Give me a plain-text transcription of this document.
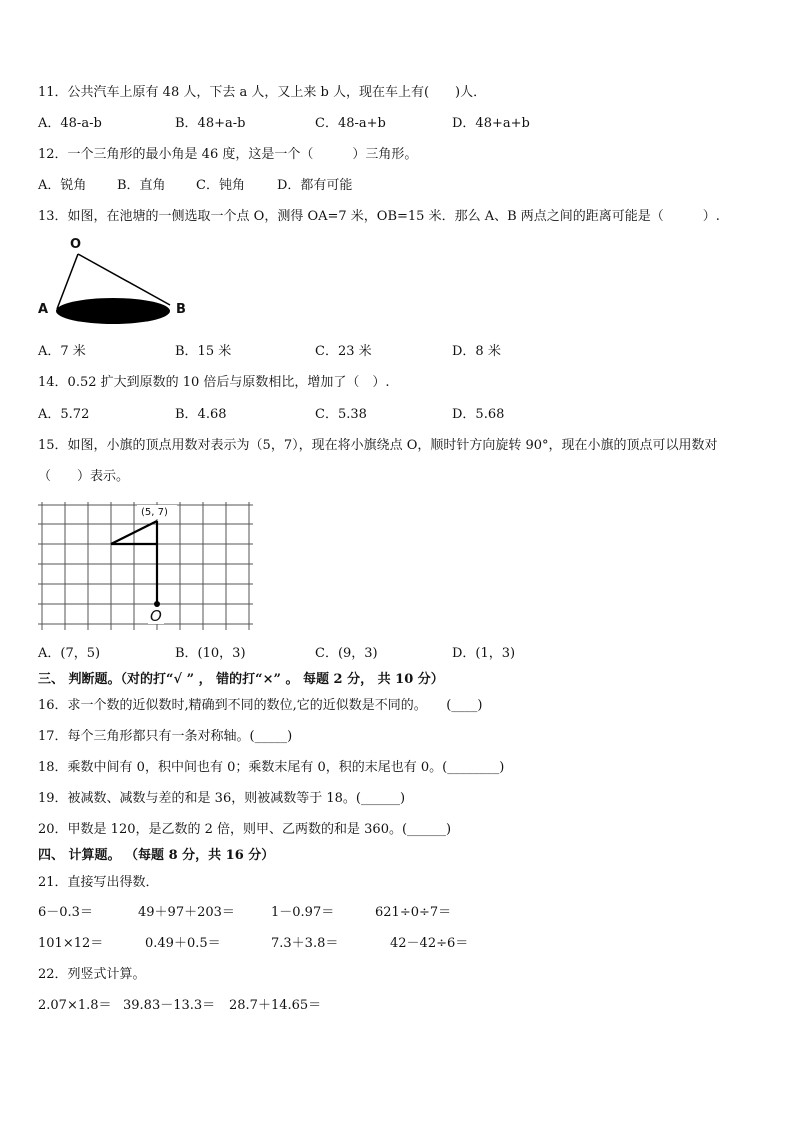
11．公共汽车上原有 48 人，下去 a 人，又上来 b 人，现在车上有(　　)人．
A．48-a-b	B．48+a-b	C．48-a+b	D．48+a+b
12．一个三角形的最小角是 46 度，这是一个（　　　）三角形。
A．锐角 B．直角 C．钝角 D．都有可能
13．如图，在池塘的一侧选取一个点 O，测得 OA=7 米，OB=15 米．那么 A、B 两点之间的距离可能是（　　　）.
O
A	B
A．7 米	B．15 米	C．23 米	D．8 米
14．0.52 扩大到原数的 10 倍后与原数相比，增加了（　）.
A．5.72	B．4.68	C．5.38	D．5.68
15．如图，小旗的顶点用数对表示为（5，7），现在将小旗绕点 O，顺时针方向旋转 90°，现在小旗的顶点可以用数对
（　　）表示。
(5, 7)
O
A．(7，5)	B．(10，3)	C．(9，3)	D．(1，3)
三、 判断题。（对的打“√ ” ， 错的打“×” 。 每题 2 分， 共 10 分）
16．求一个数的近似数时,精确到不同的数位,它的近似数是不同的。　　(____)
17．每个三角形都只有一条对称轴。(_____)
18．乘数中间有 0，积中间也有 0；乘数末尾有 0，积的末尾也有 0。(________)
19．被减数、减数与差的和是 36，则被减数等于 18。(______)
20．甲数是 120，是乙数的 2 倍，则甲、乙两数的和是 360。(______)
四、 计算题。 （每题 8 分，共 16 分）
21．直接写出得数．
6－0.3＝	49＋97＋203＝	1－0.97＝	621÷0÷7＝
101×12＝	0.49＋0.5＝	7.3＋3.8＝	42－42÷6＝
22．列竖式计算。
2.07×1.8＝ 39.83－13.3＝ 28.7＋14.65＝
